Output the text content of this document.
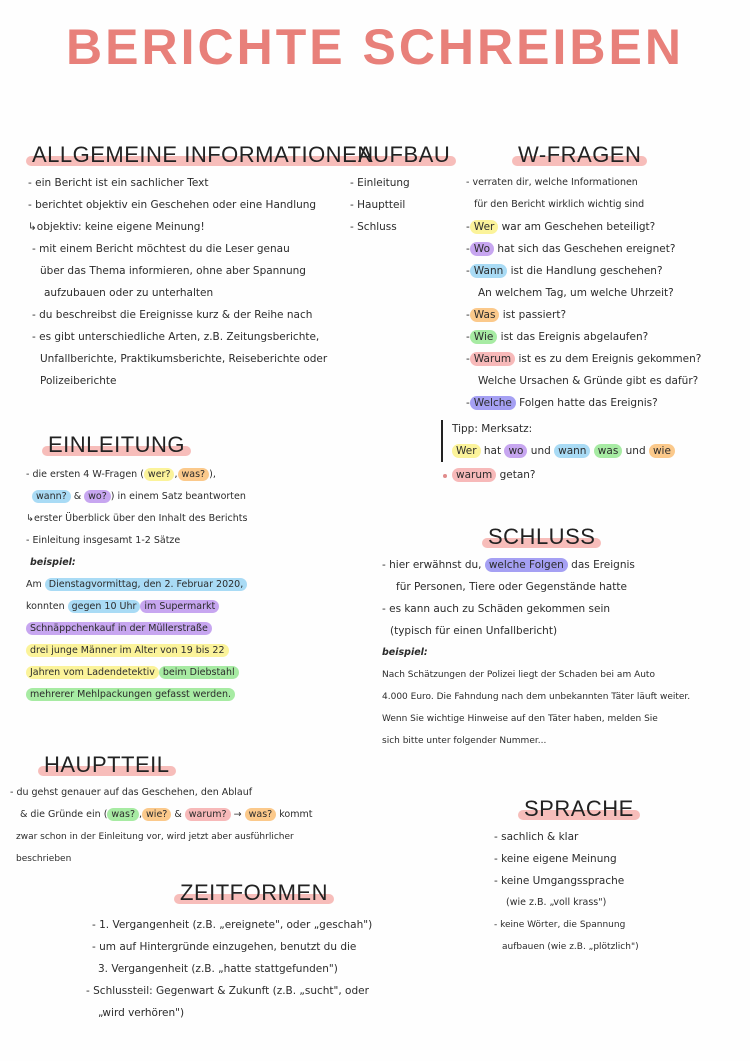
BERICHTE SCHREIBEN
ALLGEMEINE INFORMATIONEN
- ein Bericht ist ein sachlicher Text
- berichtet objektiv ein Geschehen oder eine Handlung
↳objektiv: keine eigene Meinung!
- mit einem Bericht möchtest du die Leser genau
über das Thema informieren, ohne aber Spannung
aufzubauen oder zu unterhalten
- du beschreibst die Ereignisse kurz & der Reihe nach
- es gibt unterschiedliche Arten, z.B. Zeitungsberichte,
Unfallberichte, Praktikumsberichte, Reiseberichte oder
Polizeiberichte
AUFBAU
- Einleitung
- Hauptteil
- Schluss
W-FRAGEN
- verraten dir, welche Informationen
für den Bericht wirklich wichtig sind
- Wer war am Geschehen beteiligt?
- Wo hat sich das Geschehen ereignet?
- Wann ist die Handlung geschehen?
An welchem Tag, um welche Uhrzeit?
- Was ist passiert?
- Wie ist das Ereignis abgelaufen?
- Warum ist es zu dem Ereignis gekommen?
Welche Ursachen & Gründe gibt es dafür?
- Welche Folgen hatte das Ereignis?
Tipp: Merksatz:
Wer hat wo und wann was und wie
warum getan?
EINLEITUNG
- die ersten 4 W-Fragen ( wer? , was? ),
wann? & wo? ) in einem Satz beantworten
↳erster Überblick über den Inhalt des Berichts
- Einleitung insgesamt 1-2 Sätze
beispiel:
Am Dienstagvormittag, den 2. Februar 2020,
konnten gegen 10 Uhr im Supermarkt
Schnäppchenkauf in der Müllerstraße
drei junge Männer im Alter von 19 bis 22
Jahren vom Ladendetektiv beim Diebstahl
mehrerer Mehlpackungen gefasst werden.
SCHLUSS
- hier erwähnst du, welche Folgen das Ereignis
für Personen, Tiere oder Gegenstände hatte
- es kann auch zu Schäden gekommen sein
(typisch für einen Unfallbericht)
beispiel:
Nach Schätzungen der Polizei liegt der Schaden bei am Auto
4.000 Euro. Die Fahndung nach dem unbekannten Täter läuft weiter.
Wenn Sie wichtige Hinweise auf den Täter haben, melden Sie
sich bitte unter folgender Nummer...
HAUPTTEIL
- du gehst genauer auf das Geschehen, den Ablauf
& die Gründe ein ( was? , wie? & warum? → was? kommt
zwar schon in der Einleitung vor, wird jetzt aber ausführlicher
beschrieben
SPRACHE
- sachlich & klar
- keine eigene Meinung
- keine Umgangssprache
(wie z.B. „voll krass")
- keine Wörter, die Spannung
aufbauen (wie z.B. „plötzlich")
ZEITFORMEN
- 1. Vergangenheit (z.B. „ereignete", oder „geschah")
- um auf Hintergründe einzugehen, benutzt du die
3. Vergangenheit (z.B. „hatte stattgefunden")
- Schlussteil: Gegenwart & Zukunft (z.B. „sucht", oder
„wird verhören")
